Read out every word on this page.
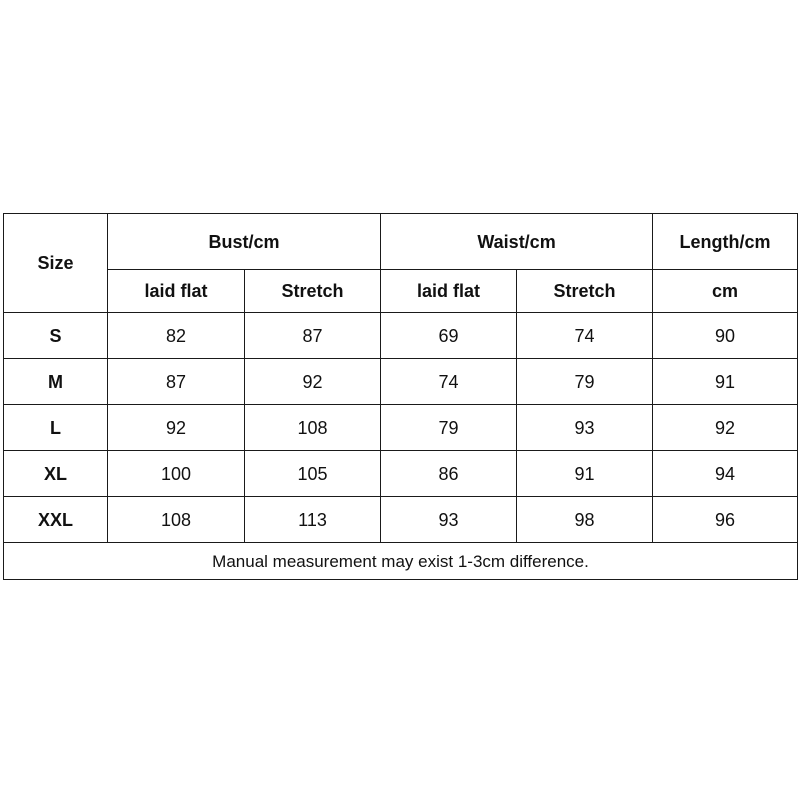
Size	Bust/cm		Waist/cm		Length/cm
	laid flat	Stretch	laid flat	Stretch	cm
S	82	87	69	74	90
M	87	92	74	79	91
L	92	108	79	93	92
XL	100	105	86	91	94
XXL	108	113	93	98	96
Manual measurement may exist 1-3cm difference.					
